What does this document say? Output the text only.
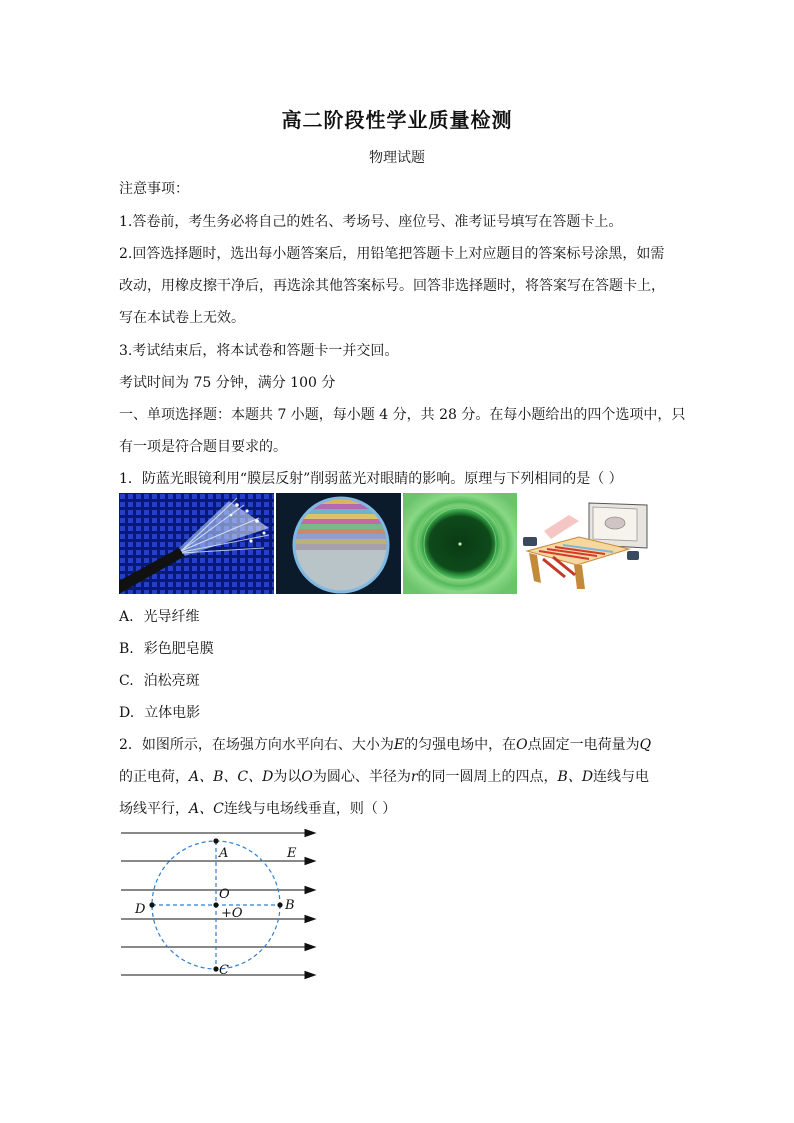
高二阶段性学业质量检测
物理试题
注意事项：
1.答卷前，考生务必将自己的姓名、考场号、座位号、准考证号填写在答题卡上。
2.回答选择题时，选出每小题答案后，用铅笔把答题卡上对应题目的答案标号涂黑，如需
改动，用橡皮擦干净后，再选涂其他答案标号。回答非选择题时，将答案写在答题卡上，
写在本试卷上无效。
3.考试结束后，将本试卷和答题卡一并交回。
考试时间为 75 分钟，满分 100 分
一、单项选择题：本题共 7 小题，每小题 4 分，共 28 分。在每小题给出的四个选项中，只
有一项是符合题目要求的。
1．防蓝光眼镜利用“膜层反射”削弱蓝光对眼睛的影响。原理与下列相同的是（ ）
A. 光导纤维
B. 彩色肥皂膜
C. 泊松亮斑
D. 立体电影
2．如图所示，在场强方向水平向右、大小为E的匀强电场中，在O点固定一电荷量为Q
的正电荷，A、B、C、D为以O为圆心、半径为r的同一圆周上的四点，B、D连线与电
场线平行，A、C连线与电场线垂直，则（ ）
A	E
O
+O
D	B
C
